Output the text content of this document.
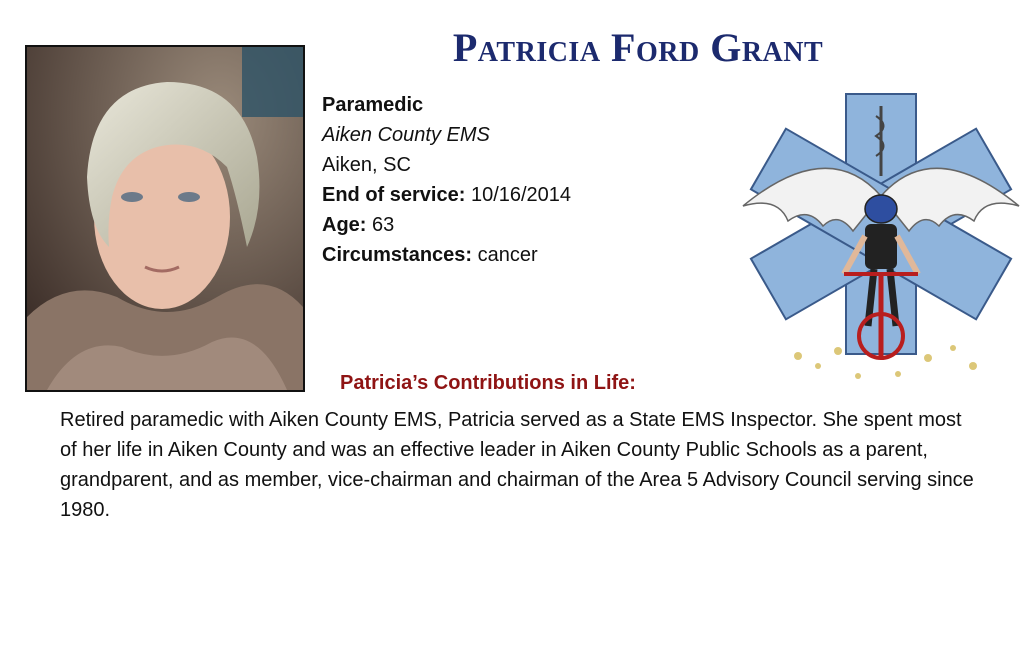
Patricia Ford Grant
Paramedic
Aiken County EMS
Aiken, SC
End of service: 10/16/2014
Age: 63
Circumstances: cancer
Patricia’s Contributions in Life:
Retired paramedic with Aiken County EMS, Patricia served as a State EMS Inspector. She spent most of her life in Aiken County and was an effective leader in Aiken County Public Schools as a parent, grandparent, and as member, vice-chairman and chairman of the Area 5 Advisory Council serving since 1980.
